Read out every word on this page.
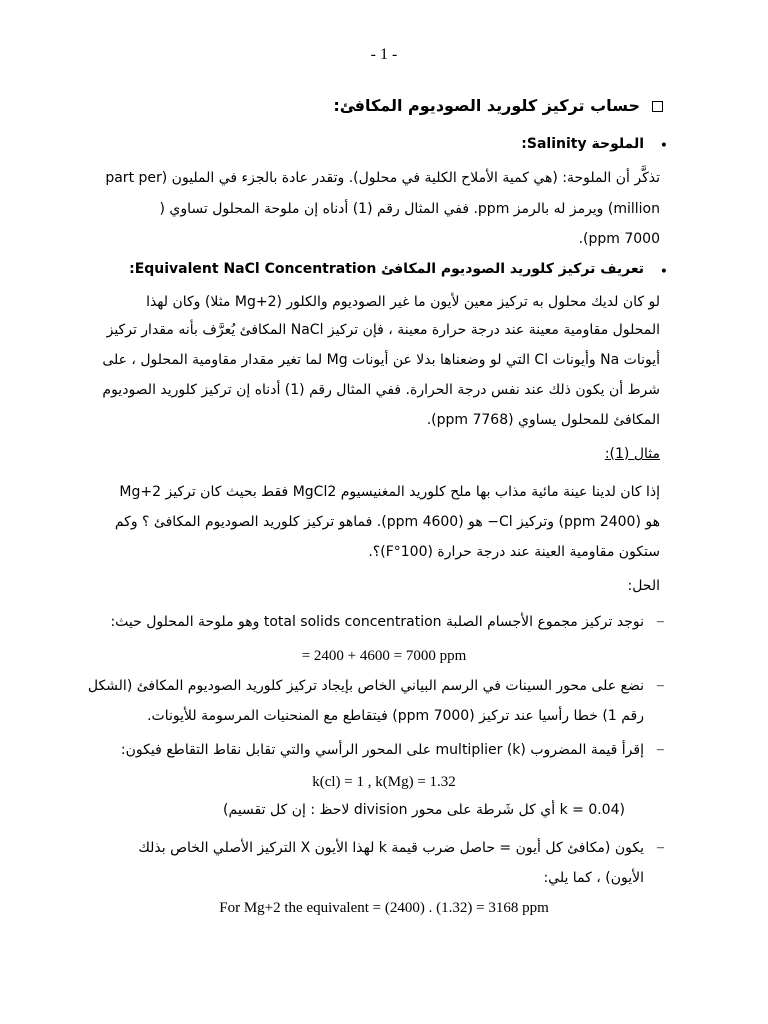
- 1 -
حساب تركيز كلوريد الصوديوم المكافئ:
•
الملوحة Salinity:
تذكَّر أن الملوحة: (هي كمية الأملاح الكلية في محلول). وتقدر عادة بالجزء في المليون (part per
million) ويرمز له بالرمز ppm. ففي المثال رقم (1) أدناه إن ملوحة المحلول تساوي (
ppm 7000).
•
تعريف تركيز كلوريد الصوديوم المكافئ Equivalent NaCl Concentration:
لو كان لديك محلول به تركيز معين لأيون ما غير الصوديوم والكلور (Mg+2 مثلا) وكان لهذا
المحلول مقاومية معينة عند درجة حرارة معينة ، فإن تركيز NaCl المكافئ يُعرَّف بأنه مقدار تركيز
أيونات Na وأيونات Cl التي لو وضعناها بدلا عن أيونات Mg لما تغير مقدار مقاومية المحلول ، على
شرط أن يكون ذلك عند نفس درجة الحرارة. ففي المثال رقم (1) أدناه إن تركيز كلوريد الصوديوم
المكافئ للمحلول يساوي (ppm 7768).
مثال (1):
إذا كان لدينا عينة مائية مذاب بها ملح كلوريد المغنيسيوم MgCl2 فقط بحيث كان تركيز Mg+2
هو (ppm 2400) وتركيز Cl− هو (ppm 4600). فماهو تركيز كلوريد الصوديوم المكافئ ؟ وكم
ستكون مقاومية العينة عند درجة حرارة (100°F)؟.
الحل:
–
نوجد تركيز مجموع الأجسام الصلبة total solids concentration وهو ملوحة المحلول حيث:
= 2400 + 4600 = 7000 ppm
–
نضع على محور السينات في الرسم البياني الخاص بإيجاد تركيز كلوريد الصوديوم المكافئ (الشكل
رقم 1) خطا رأسيا عند تركيز (ppm 7000) فيتقاطع مع المنحنيات المرسومة للأيونات.
–
إقرأ قيمة المضروب (k) multiplier على المحور الرأسي والتي تقابل نقاط التقاطع فيكون:
k(cl) = 1 , k(Mg) = 1.32
(لاحظ : إن كل تقسيم division أي كل شَرطة على محور k = 0.04)
–
يكون (مكافئ كل أيون = حاصل ضرب قيمة k لهذا الأيون X التركيز الأصلي الخاص بذلك
الأيون) ، كما يلي:
For Mg+2 the equivalent = (2400) . (1.32) = 3168 ppm
